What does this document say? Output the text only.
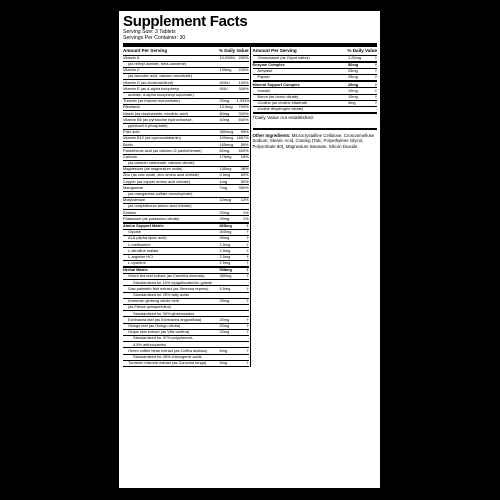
Supplement Facts
Serving Size: 3 Tablets
Servings Per Container: 30
Amount Per Serving	% Daily Value
Vitamin A	10,000IU 200%
(as retinyl acetate, beta-carotene)
Vitamin C	135mg	225%
(as ascorbic acid, calcium ascorbate)
Vitamin D (as cholecalciferol)	400IU	100%
Vitamin E (as d-alpha tocopheryl	90IU	300%
acetate, d-alpha tocopheryl succinate)
Thiamin (as thiamin mononitrate)	20mg	1,333%
Riboflavin	13.5mg	794%
Niacin (as niacinamide, nicotinic acid)	60mg	300%
Vitamin B6 (as pyridoxine hydrochloride,	10mg	500%
pyridoxal 5-phosphate)
Folic acid	380mcg	95%
Vitamin B12 (as cyanocobalamin)	100mcg 1667%
Biotin	165mcg	55%
Pantothenic acid (as calcium D-pantothenate)	60mg	600%
Calcium	175mg	18%
(as calcium carbonate, calcium citrate)
Magnesium (as magnesium oxide)	145mg	36%
Zinc (as zinc oxide, zinc amino acid chelate)	9.5mg	63%
Copper (as copper amino acid chelate)	1mg	50%
Manganese	7mg	350%
(as manganese sulfate monohydrate)
Molybdenum	10mcg	13%
(as molybdenum amino acid chelate)
Sodium	20mg	1%
Potassium (as potassium citrate)	25mg	1%
Amino Support Matrix	865mg	†
Glycine	300mg	†
ALA (alpha lipoic acid)	45mg	†
L-methionine	2.5mg	†
L-citrulline malate	2.5mg	†
L-arginine HCl	2.5mg	†
L-cysteine	2.5mg	†
Herbal Matrix	538mg	†
Green tea leaf extract (as Camellia sinensis)	380mg	†
Standardized for 10% epigallocatechin gallate
Saw palmetto fruit extract (as Serenoa repens)	5.5mg	†
Standardized for 25% fatty acids
American ginseng whole herb	25mg	†
(as Panax quinquefolius)
Standardized for 30% ginsenosides
Echinacea leaf (as Echinacea angustifolia)	20mg	†
Ginkgo leaf (as Ginkgo biloba)	20mg	†
Grape skin extract (as Vitis vinifera)	20mg	†
Standardized for 37% polyphenols,
4.5% anthocyanins
Green coffee bean extract (as Coffea arabica)	5mg	†
Standardized for 45% chlorogenic acids
Turmeric rhizome extract (as Curcuma longa)	5mg	†
Amount Per Serving	% Daily Value
Octacosanol (as Oryza sativa)	1.25mg	†
Enzyme Complex	50mg	†
Amylase	25mg	†
Papain	25mg	†
Mineral Support Complex	29mg	†
Inositol	10mg	†
Boron (as boron citrate)	10mg	†
Choline (as choline bitartrate,	9mg	†
choline dihydrogen citrate)
†Daily Value not established.
Other Ingredients: Microcrystalline Cellulose, Croscarmellose Sodium, Stearic Acid, Coating (Talc, Polyethylene Glycol, Polysorbate 80), Magnesium Stearate, Silicon Dioxide.
